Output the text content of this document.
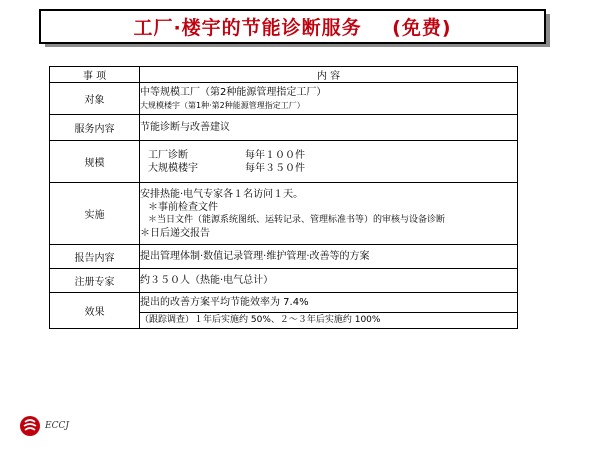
工厂·楼宇的节能诊断服务    (免费)
事 项	内 容
对象	中等规模工厂（第2种能源管理指定工厂）
大规模楼宇（第1种·第2种能源管理指定工厂）

服务内容	节能诊断与改善建议

规模	工厂诊断 每年１００件
大规模楼宇 每年３５０件

实施	安排热能·电气专家各１名访问１天。
＊事前检查文件
＊当日文件（能源系统图纸、运转记录、管理标准书等）的审核与设备诊断
＊日后递交报告

报告内容	提出管理体制·数值记录管理·维护管理·改善等的方案

注册专家	约３５０人（热能·电气总计）

效果	提出的改善方案平均节能效率为 7.4%

	（跟踪调查）１年后实施约 50%、２～３年后实施约 100%
ECCJ
